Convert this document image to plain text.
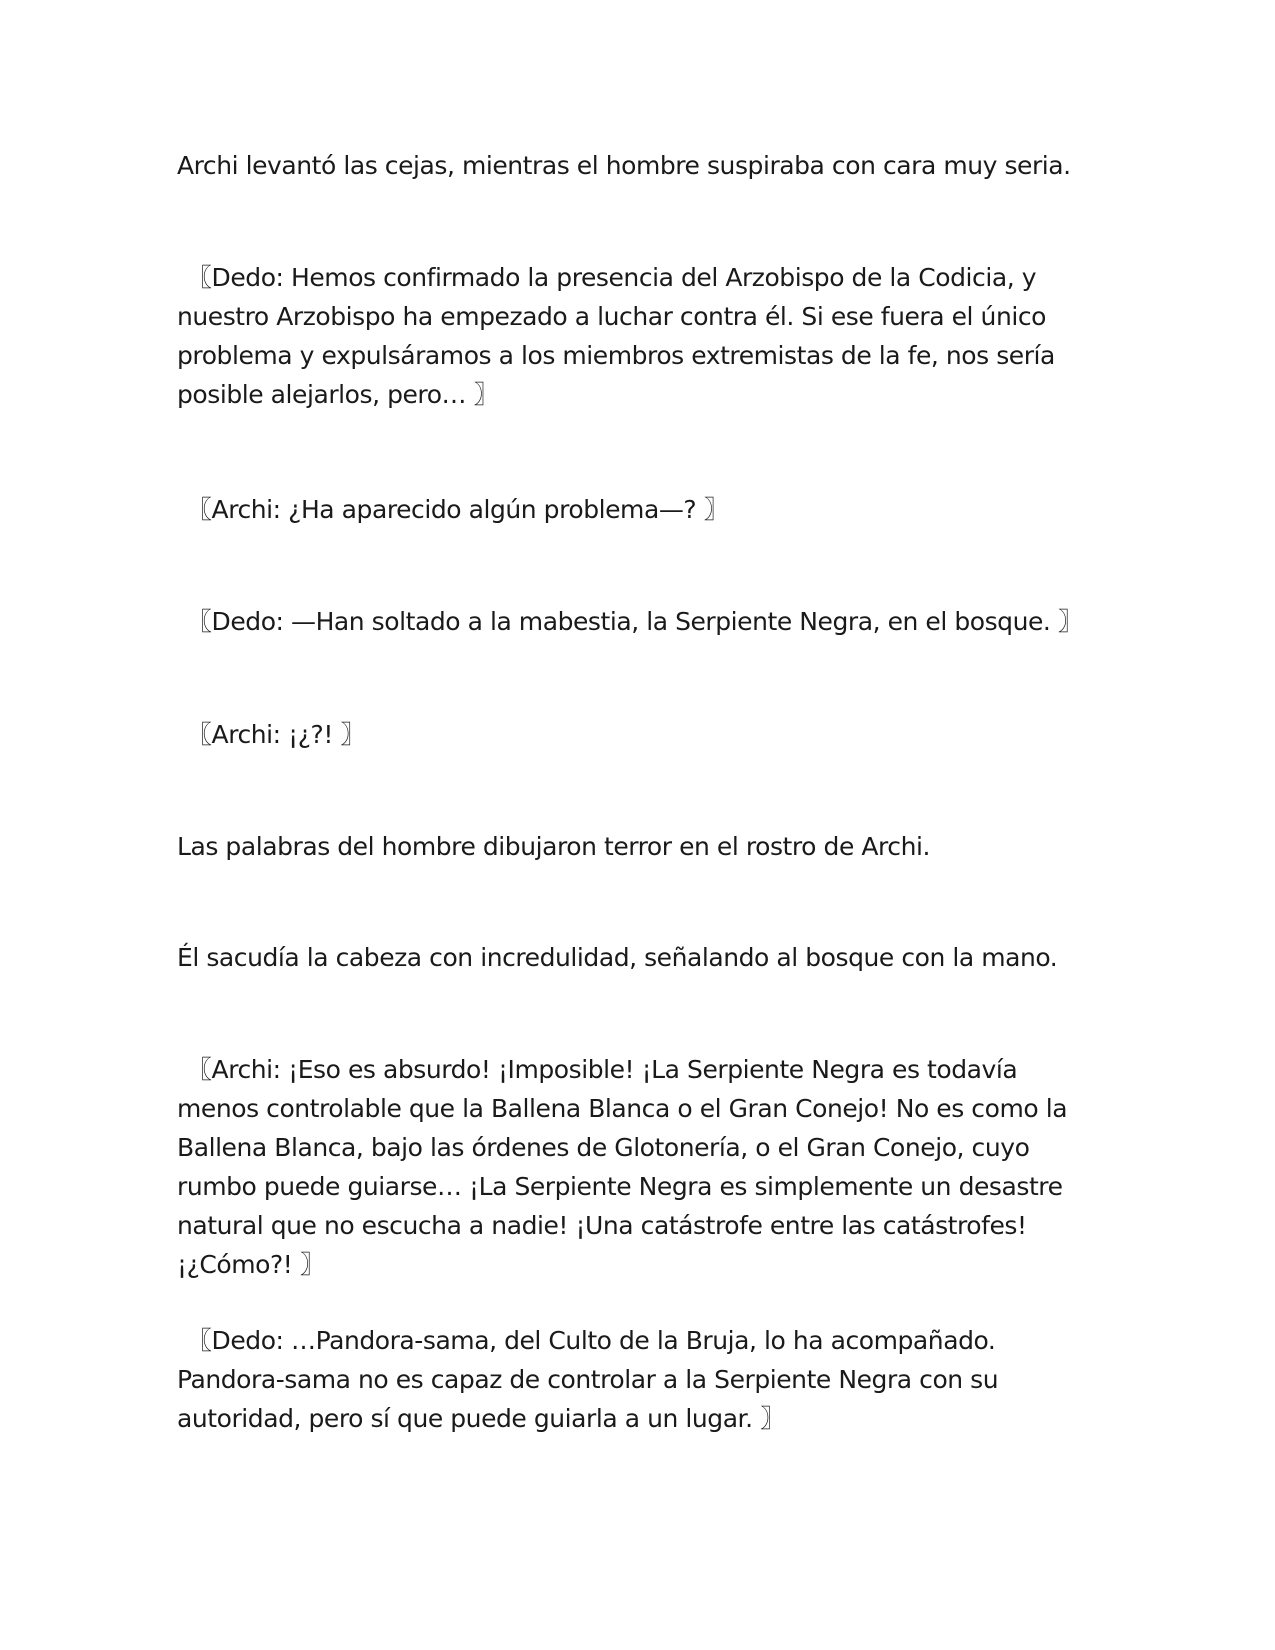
Archi levantó las cejas, mientras el hombre suspiraba con cara muy seria.

〖Dedo: Hemos confirmado la presencia del Arzobispo de la Codicia, y nuestro Arzobispo ha empezado a luchar contra él. Si ese fuera el único problema y expulsáramos a los miembros extremistas de la fe, nos sería posible alejarlos, pero… 〗

〖Archi: ¿Ha aparecido algún problema—? 〗

〖Dedo: —Han soltado a la mabestia, la Serpiente Negra, en el bosque. 〗

〖Archi: ¡¿?! 〗

Las palabras del hombre dibujaron terror en el rostro de Archi.

Él sacudía la cabeza con incredulidad, señalando al bosque con la mano.

〖Archi: ¡Eso es absurdo! ¡Imposible! ¡La Serpiente Negra es todavía menos controlable que la Ballena Blanca o el Gran Conejo! No es como la Ballena Blanca, bajo las órdenes de Glotonería, o el Gran Conejo, cuyo rumbo puede guiarse… ¡La Serpiente Negra es simplemente un desastre natural que no escucha a nadie! ¡Una catástrofe entre las catástrofes! ¡¿Cómo?! 〗

〖Dedo: …Pandora-sama, del Culto de la Bruja, lo ha acompañado. Pandora-sama no es capaz de controlar a la Serpiente Negra con su autoridad, pero sí que puede guiarla a un lugar. 〗
